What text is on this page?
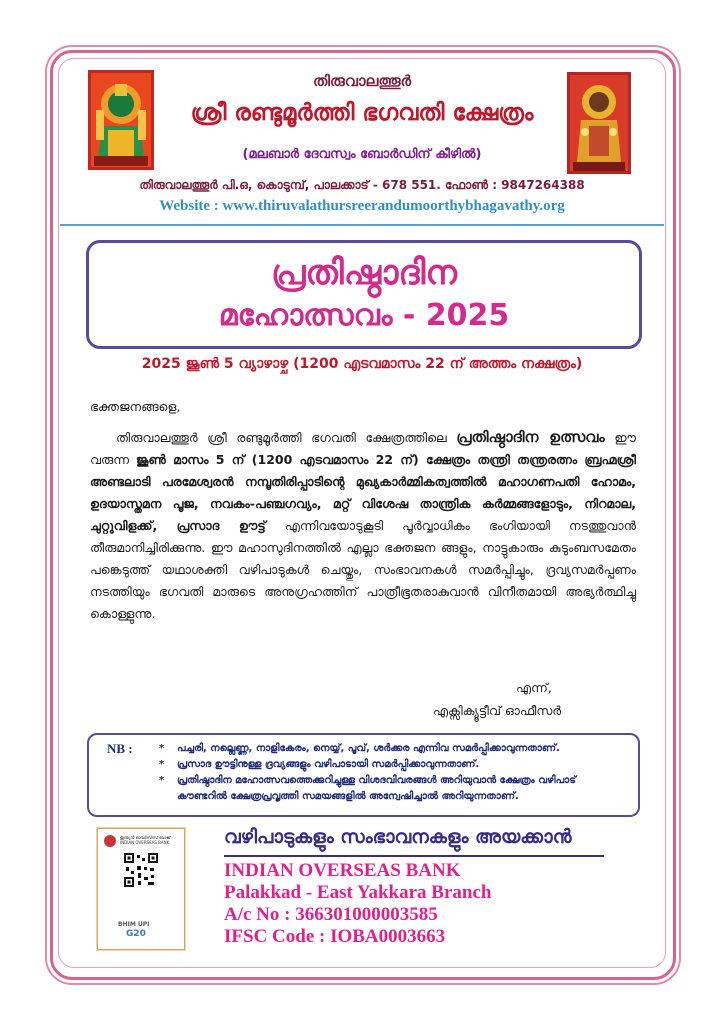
തിരുവാലത്തൂർ
ശ്രീ രണ്ടുമൂർത്തി ഭഗവതി ക്ഷേത്രം
(മലബാർ ദേവസ്വം ബോർഡിന് കീഴിൽ)
തിരുവാലത്തൂർ പി.ഒ, കൊടുമ്പ്, പാലക്കാട് - 678 551. ഫോൺ : 9847264388
Website : www.thiruvalathursreerandumoorthybhagavathy.org
പ്രതിഷ്ഠാദിന
മഹോത്സവം - 2025
2025 ജൂൺ 5 വ്യാഴാഴ്ച (1200 എടവമാസം 22 ന് അത്തം നക്ഷത്രം)
ഭക്തജനങ്ങളെ,
തിരുവാലത്തൂർ ശ്രീ രണ്ടുമൂർത്തി ഭഗവതി ക്ഷേത്രത്തിലെ പ്രതിഷ്ഠാദിന ഉത്സവം ഈ വരുന്ന ജൂൺ മാസം 5 ന് (1200 എടവമാസം 22 ന്) ക്ഷേത്രം തന്ത്രി തന്ത്രരത്നം ബ്രഹ്മശ്രീ അണ്ടലാടി പരമേശ്വരൻ നമ്പൂതിരിപ്പാടിന്റെ മുഖ്യകാർമ്മികത്വത്തിൽ മഹാഗണപതി ഹോമം, ഉദയാസ്തമന പൂജ, നവകം-പഞ്ചഗവ്യം, മറ്റ് വിശേഷ താന്ത്രിക കർമ്മങ്ങളോടും, നിറമാല, ചുറ്റുവിളക്ക്, പ്രസാദ ഊട്ട് എന്നിവയോടുകൂടി പൂർവ്വാധികം ഭംഗിയായി നടത്തുവാൻ തീരുമാനിച്ചിരിക്കുന്നു. ഈ മഹാസുദിനത്തിൽ എല്ലാ ഭക്തജന ങ്ങളും, നാട്ടുകാരും കുടുംബസമേതം പങ്കെടുത്ത് യഥാശക്തി വഴിപാടുകൾ ചെയ്തും, സംഭാവനകൾ സമർപ്പിച്ചും, ദ്രവ്യസമർപ്പണം നടത്തിയും ഭഗവതി മാരുടെ അനുഗ്രഹത്തിന് പാത്രീഭൂതരാകുവാൻ വിനീതമായി അഭ്യർത്ഥിച്ചു കൊള്ളുന്നു.
എന്ന്,
എക്സിക്യൂട്ടീവ് ഓഫീസർ
NB :	* പച്ചരി, നല്ലെണ്ണ, നാളികേരം, നെയ്യ്, പൂവ്, ശർക്കര എന്നിവ സമർപ്പിക്കാവുന്നതാണ്.
* പ്രസാദ ഊട്ടിനുള്ള ദ്രവ്യങ്ങളും വഴിപാടായി സമർപ്പിക്കാവുന്നതാണ്.
* പ്രതിഷ്ഠാദിന മഹോത്സവത്തെക്കുറിച്ചുള്ള വിശദവിവരങ്ങൾ അറിയുവാൻ ക്ഷേത്രം വഴിപാട് കൗണ്ടറിൽ ക്ഷേത്രപ്രവൃത്തി സമയങ്ങളിൽ അന്വേഷിച്ചാൽ അറിയുന്നതാണ്.
ഇന്ത്യൻ ഓവർസീസ് ബാങ്ക് INDIAN OVERSEAS BANK
BHIM UPI
G20
വഴിപാടുകളും സംഭാവനകളും അയക്കാൻ
INDIAN OVERSEAS BANK
Palakkad - East Yakkara Branch
A/c No : 366301000003585
IFSC Code : IOBA0003663
